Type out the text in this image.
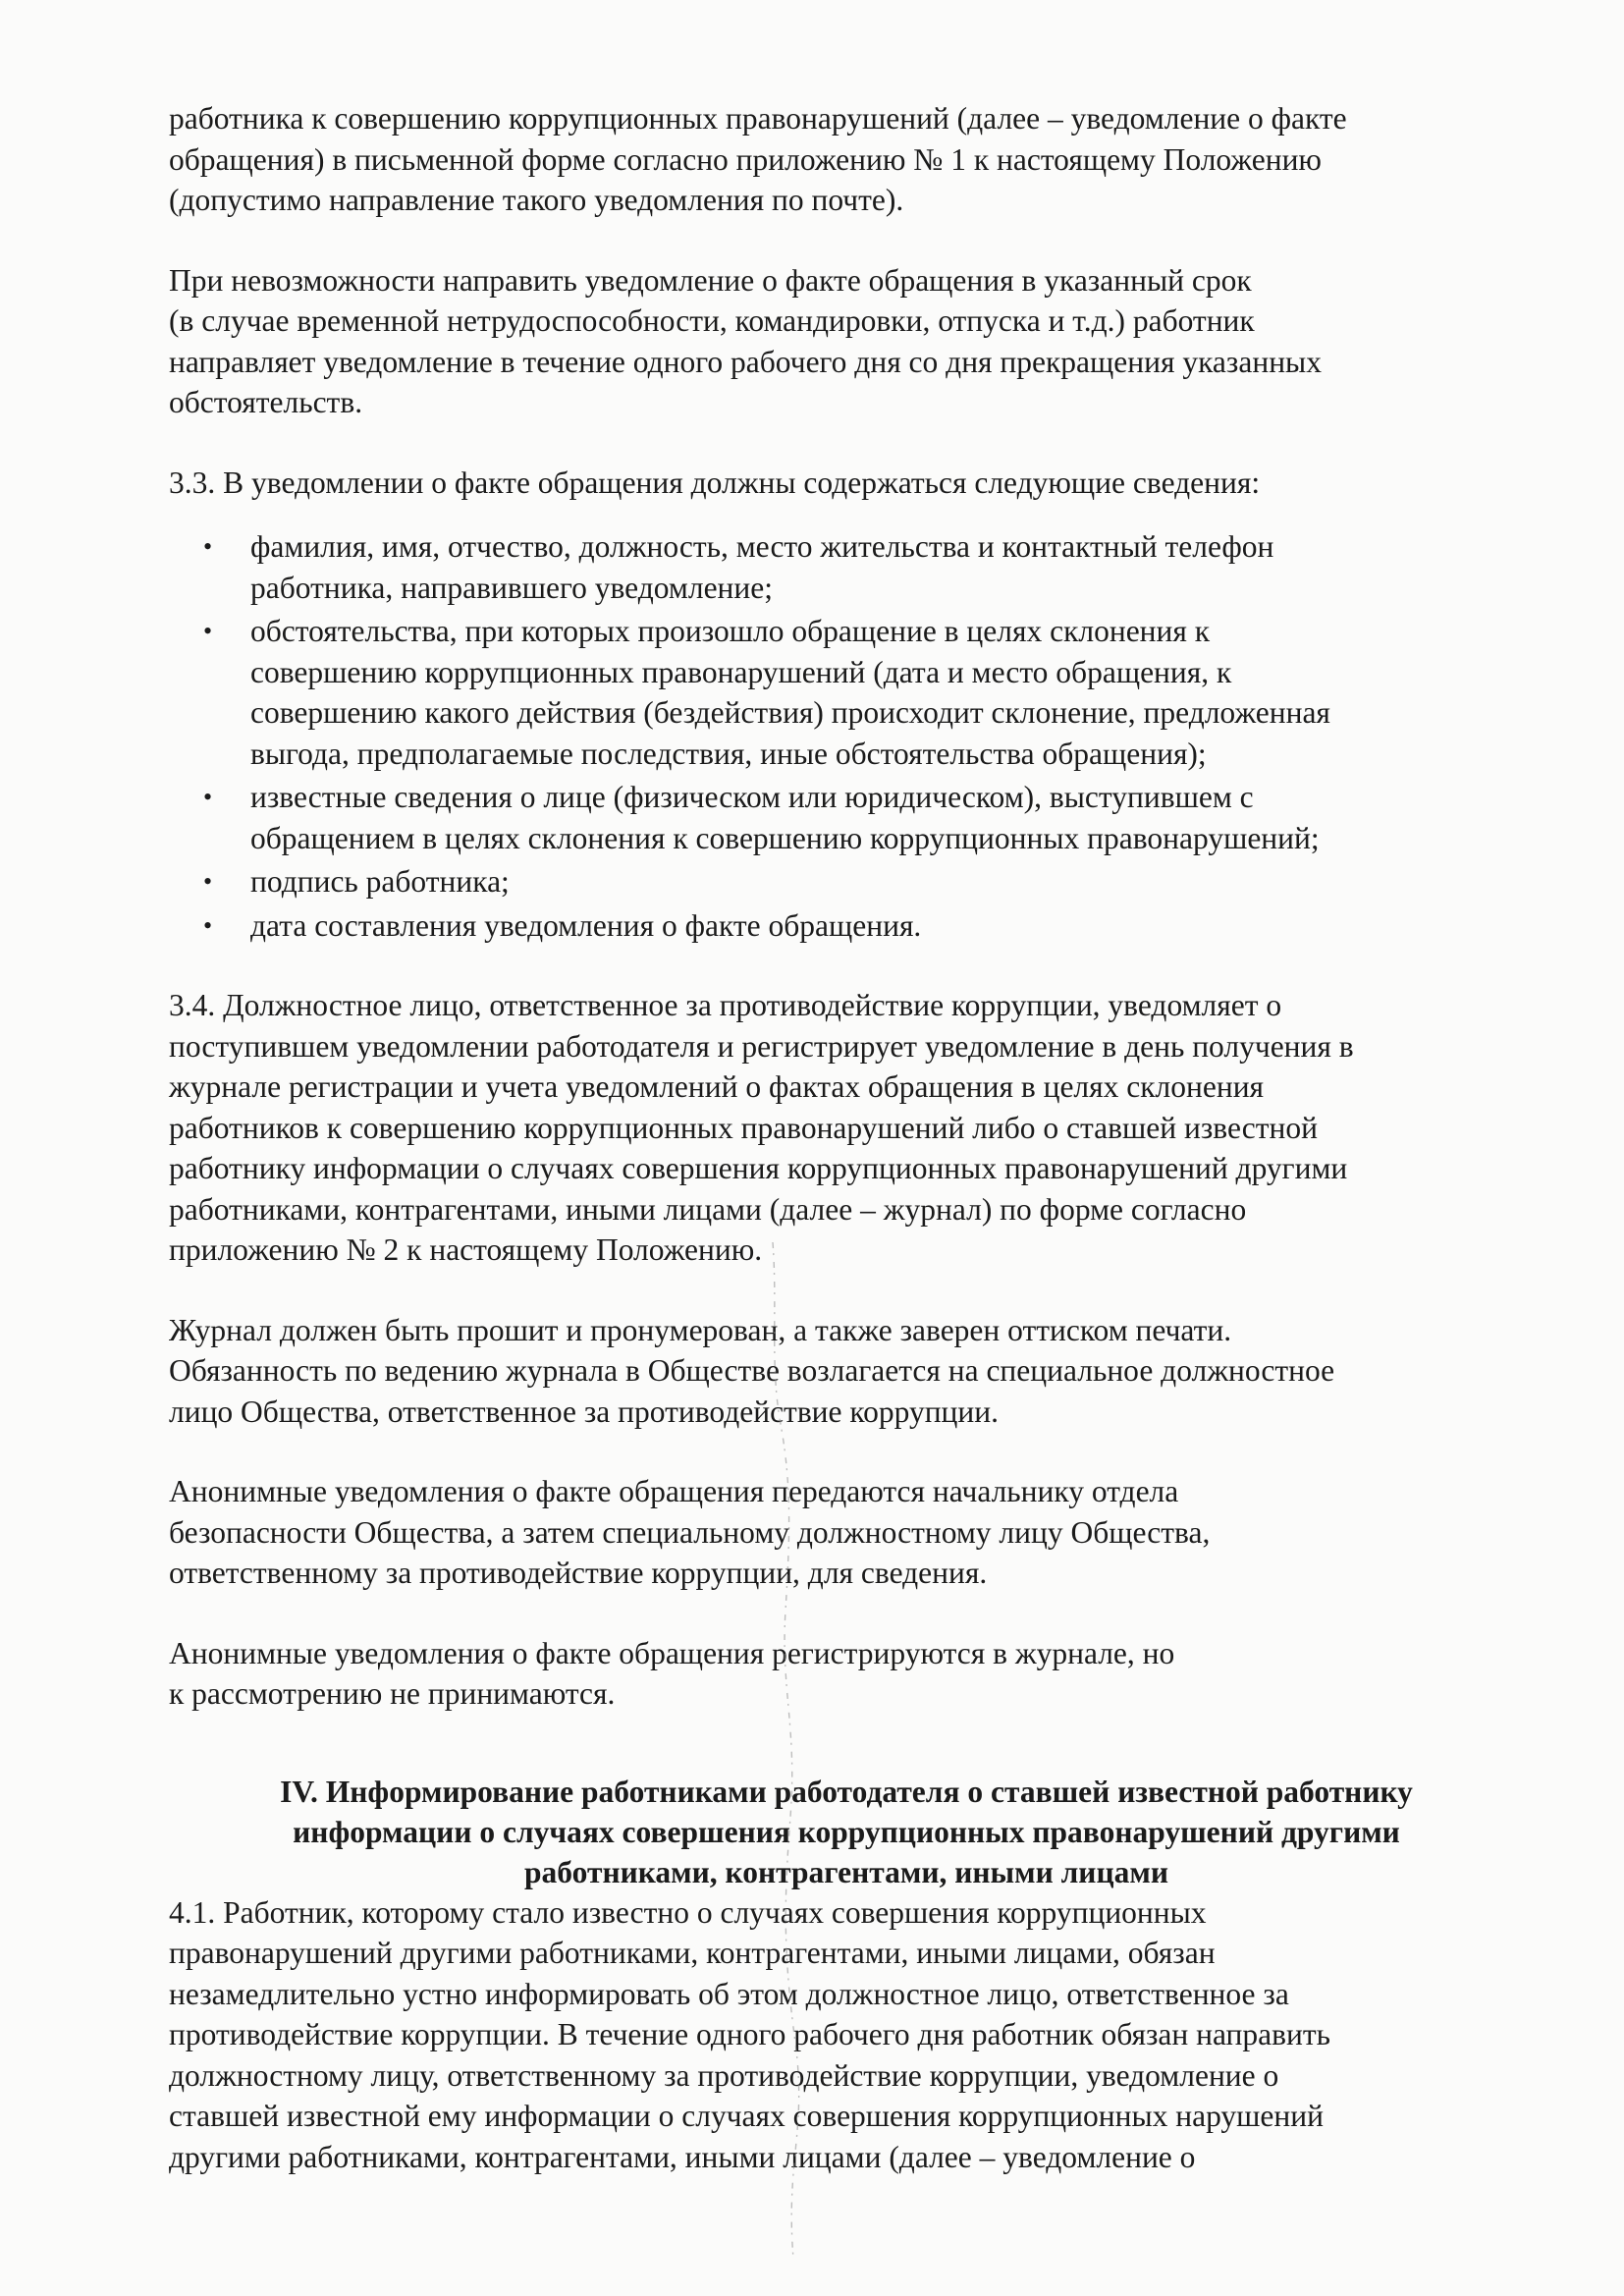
работника к совершению коррупционных правонарушений (далее – уведомление о факте
обращения) в письменной форме согласно приложению № 1 к настоящему Положению
(допустимо направление такого уведомления по почте).

При невозможности направить уведомление о факте обращения в указанный срок
(в случае временной нетрудоспособности, командировки, отпуска и т.д.) работник
направляет уведомление в течение одного рабочего дня со дня прекращения указанных
обстоятельств.

3.3. В уведомлении о факте обращения должны содержаться следующие сведения:

• фамилия, имя, отчество, должность, место жительства и контактный телефон
работника, направившего уведомление;
• обстоятельства, при которых произошло обращение в целях склонения к
совершению коррупционных правонарушений (дата и место обращения, к
совершению какого действия (бездействия) происходит склонение, предложенная
выгода, предполагаемые последствия, иные обстоятельства обращения);
• известные сведения о лице (физическом или юридическом), выступившем с
обращением в целях склонения к совершению коррупционных правонарушений;
• подпись работника;
• дата составления уведомления о факте обращения.

3.4. Должностное лицо, ответственное за противодействие коррупции, уведомляет о
поступившем уведомлении работодателя и регистрирует уведомление в день получения в
журнале регистрации и учета уведомлений о фактах обращения в целях склонения
работников к совершению коррупционных правонарушений либо о ставшей известной
работнику информации о случаях совершения коррупционных правонарушений другими
работниками, контрагентами, иными лицами (далее – журнал) по форме согласно
приложению № 2 к настоящему Положению.

Журнал должен быть прошит и пронумерован, а также заверен оттиском печати.
Обязанность по ведению журнала в Обществе возлагается на специальное должностное
лицо Общества, ответственное за противодействие коррупции.

Анонимные уведомления о факте обращения передаются начальнику отдела
безопасности Общества, а затем специальному должностному лицу Общества,
ответственному за противодействие коррупции, для сведения.

Анонимные уведомления о факте обращения регистрируются в журнале, но
к рассмотрению не принимаются.

IV. Информирование работниками работодателя о ставшей известной работнику
информации о случаях совершения коррупционных правонарушений другими
работниками, контрагентами, иными лицами

4.1. Работник, которому стало известно о случаях совершения коррупционных
правонарушений другими работниками, контрагентами, иными лицами, обязан
незамедлительно устно информировать об этом должностное лицо, ответственное за
противодействие коррупции. В течение одного рабочего дня работник обязан направить
должностному лицу, ответственному за противодействие коррупции, уведомление о
ставшей известной ему информации о случаях совершения коррупционных нарушений
другими работниками, контрагентами, иными лицами (далее – уведомление о
